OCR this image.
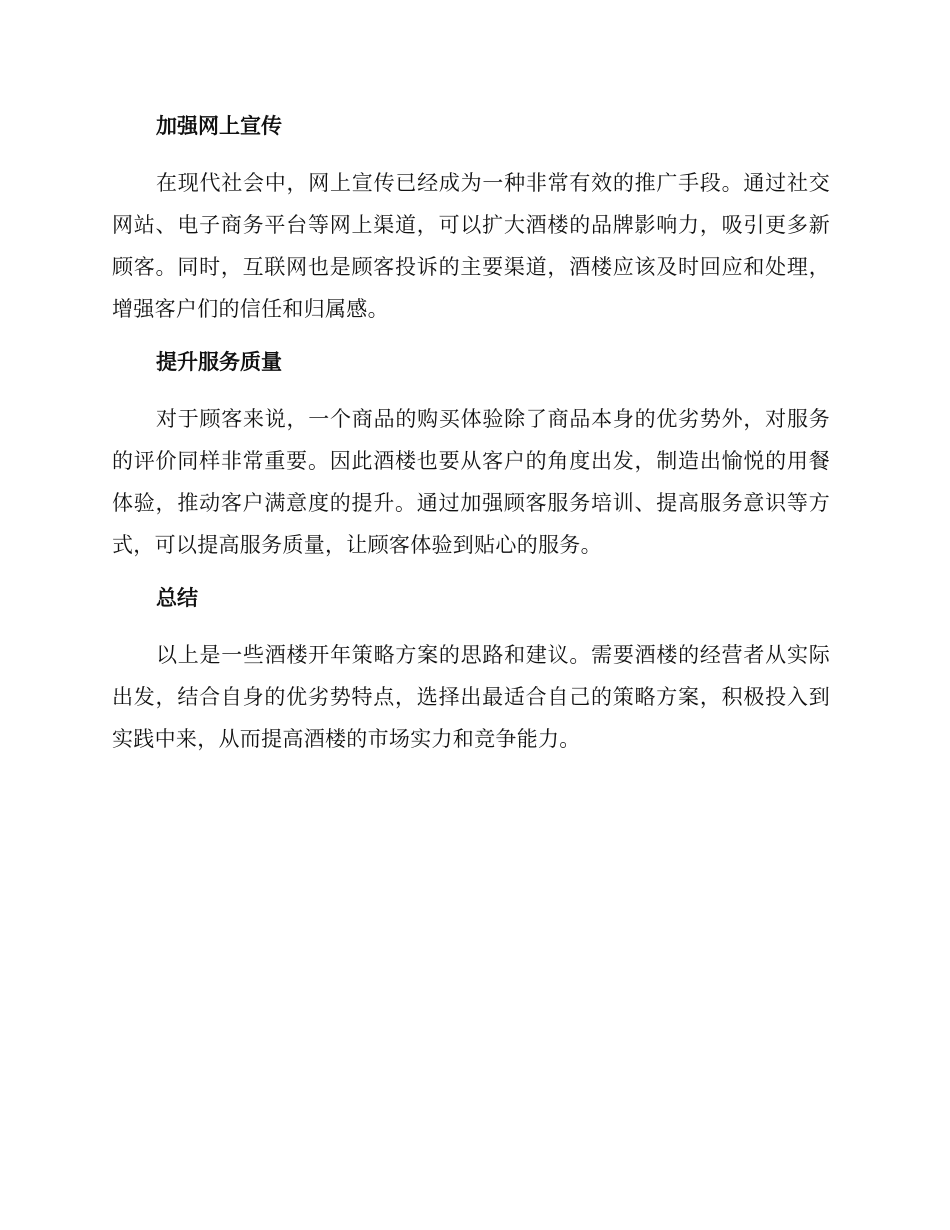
加强网上宣传

在现代社会中，网上宣传已经成为一种非常有效的推广手段。通过社交网站、电子商务平台等网上渠道，可以扩大酒楼的品牌影响力，吸引更多新顾客。同时，互联网也是顾客投诉的主要渠道，酒楼应该及时回应和处理，增强客户们的信任和归属感。

提升服务质量

对于顾客来说，一个商品的购买体验除了商品本身的优劣势外，对服务的评价同样非常重要。因此酒楼也要从客户的角度出发，制造出愉悦的用餐体验，推动客户满意度的提升。通过加强顾客服务培训、提高服务意识等方式，可以提高服务质量，让顾客体验到贴心的服务。

总结

以上是一些酒楼开年策略方案的思路和建议。需要酒楼的经营者从实际出发，结合自身的优劣势特点，选择出最适合自己的策略方案，积极投入到实践中来，从而提高酒楼的市场实力和竞争能力。
